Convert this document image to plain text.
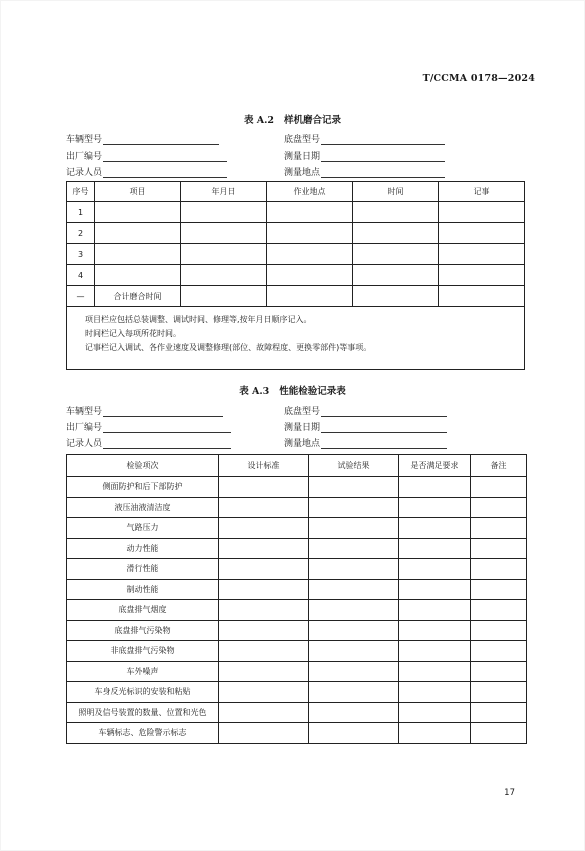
T/CCMA 0178—2024
表 A.2 样机磨合记录
车辆型号	底盘型号
出厂编号	测量日期
记录人员	测量地点
序号	项目	年月日	作业地点	时间	记事
1					
2					
3					
4					
—	合计磨合时间				

项目栏应包括总装调整、调试时间、修理等,按年月日顺序记入。
时间栏记入每项所花时间。
记事栏记入调试、各作业速度及调整修理(部位、故障程度、更换零部件)等事项。					
表 A.3 性能检验记录表
车辆型号	底盘型号
出厂编号	测量日期
记录人员	测量地点
检验项次	设计标准	试验结果	是否满足要求	备注
侧面防护和后下部防护				
液压油液清洁度				
气路压力				
动力性能				
滑行性能				
制动性能				
底盘排气烟度				
底盘排气污染物				
非底盘排气污染物				
车外噪声				
车身反光标识的安装和粘贴				
照明及信号装置的数量、位置和光色				
车辆标志、危险警示标志				
17
